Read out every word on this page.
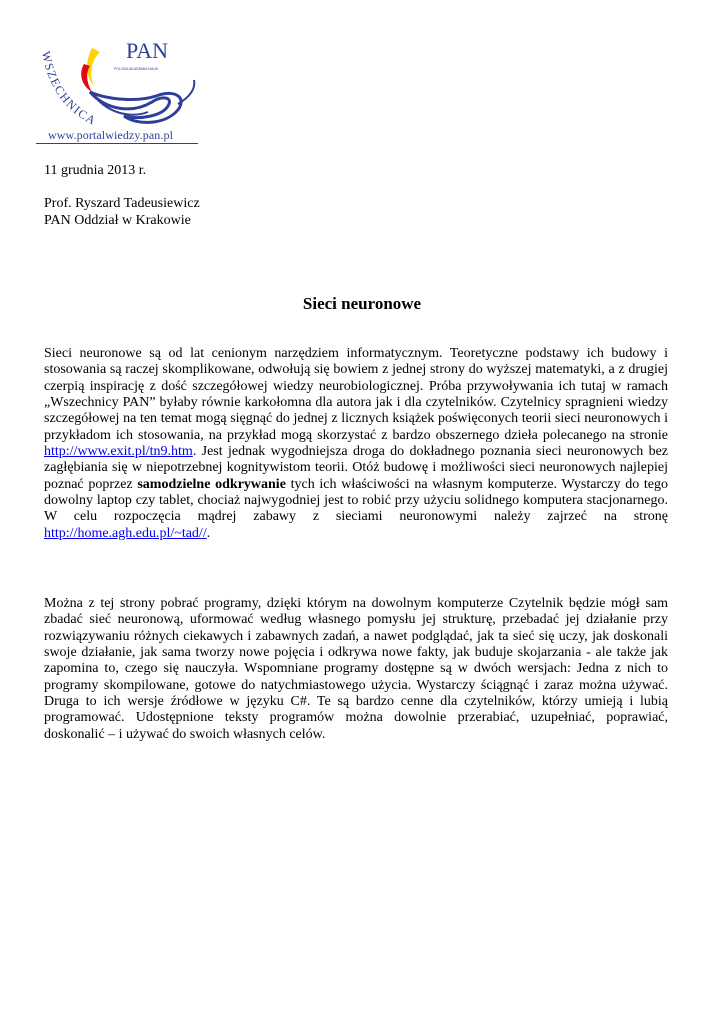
WSZECHNICA
PAN
POLSKA AKADEMIA NAUK
www.portalwiedzy.pan.pl
11 grudnia 2013 r.
Prof. Ryszard Tadeusiewicz
PAN Oddział w Krakowie
Sieci neuronowe

Sieci neuronowe są od lat cenionym narzędziem informatycznym. Teoretyczne podstawy ich budowy i stosowania są raczej skomplikowane, odwołują się bowiem z jednej strony do wyższej matematyki, a z drugiej czerpią inspirację z dość szczegółowej wiedzy neurobiologicznej. Próba przywoływania ich tutaj w ramach „Wszechnicy PAN” byłaby równie karkołomna dla autora jak i dla czytelników. Czytelnicy spragnieni wiedzy szczegółowej na ten temat mogą sięgnąć do jednej z licznych książek poświęconych teorii sieci neuronowych i przykładom ich stosowania, na przykład mogą skorzystać z bardzo obszernego dzieła polecanego na stronie http://www.exit.pl/tn9.htm. Jest jednak wygodniejsza droga do dokładnego poznania sieci neuronowych bez zagłębiania się w niepotrzebnej kognitywistom teorii. Otóż budowę i możliwości sieci neuronowych najlepiej poznać poprzez samodzielne odkrywanie tych ich właściwości na własnym komputerze. Wystarczy do tego dowolny laptop czy tablet, chociaż najwygodniej jest to robić przy użyciu solidnego komputera stacjonarnego. W celu rozpoczęcia mądrej zabawy z sieciami neuronowymi należy zajrzeć na stronę http://home.agh.edu.pl/~tad//.

Można z tej strony pobrać programy, dzięki którym na dowolnym komputerze Czytelnik będzie mógł sam zbadać sieć neuronową, uformować według własnego pomysłu jej strukturę, przebadać jej działanie przy rozwiązywaniu różnych ciekawych i zabawnych zadań, a nawet podglądać, jak ta sieć się uczy, jak doskonali swoje działanie, jak sama tworzy nowe pojęcia i odkrywa nowe fakty, jak buduje skojarzania - ale także jak zapomina to, czego się nauczyła. Wspomniane programy dostępne są w dwóch wersjach: Jedna z nich to programy skompilowane, gotowe do natychmiastowego użycia. Wystarczy ściągnąć i zaraz można używać. Druga to ich wersje źródłowe w języku C#. Te są bardzo cenne dla czytelników, którzy umieją i lubią programować. Udostępnione teksty programów można dowolnie przerabiać, uzupełniać, poprawiać, doskonalić – i używać do swoich własnych celów.
